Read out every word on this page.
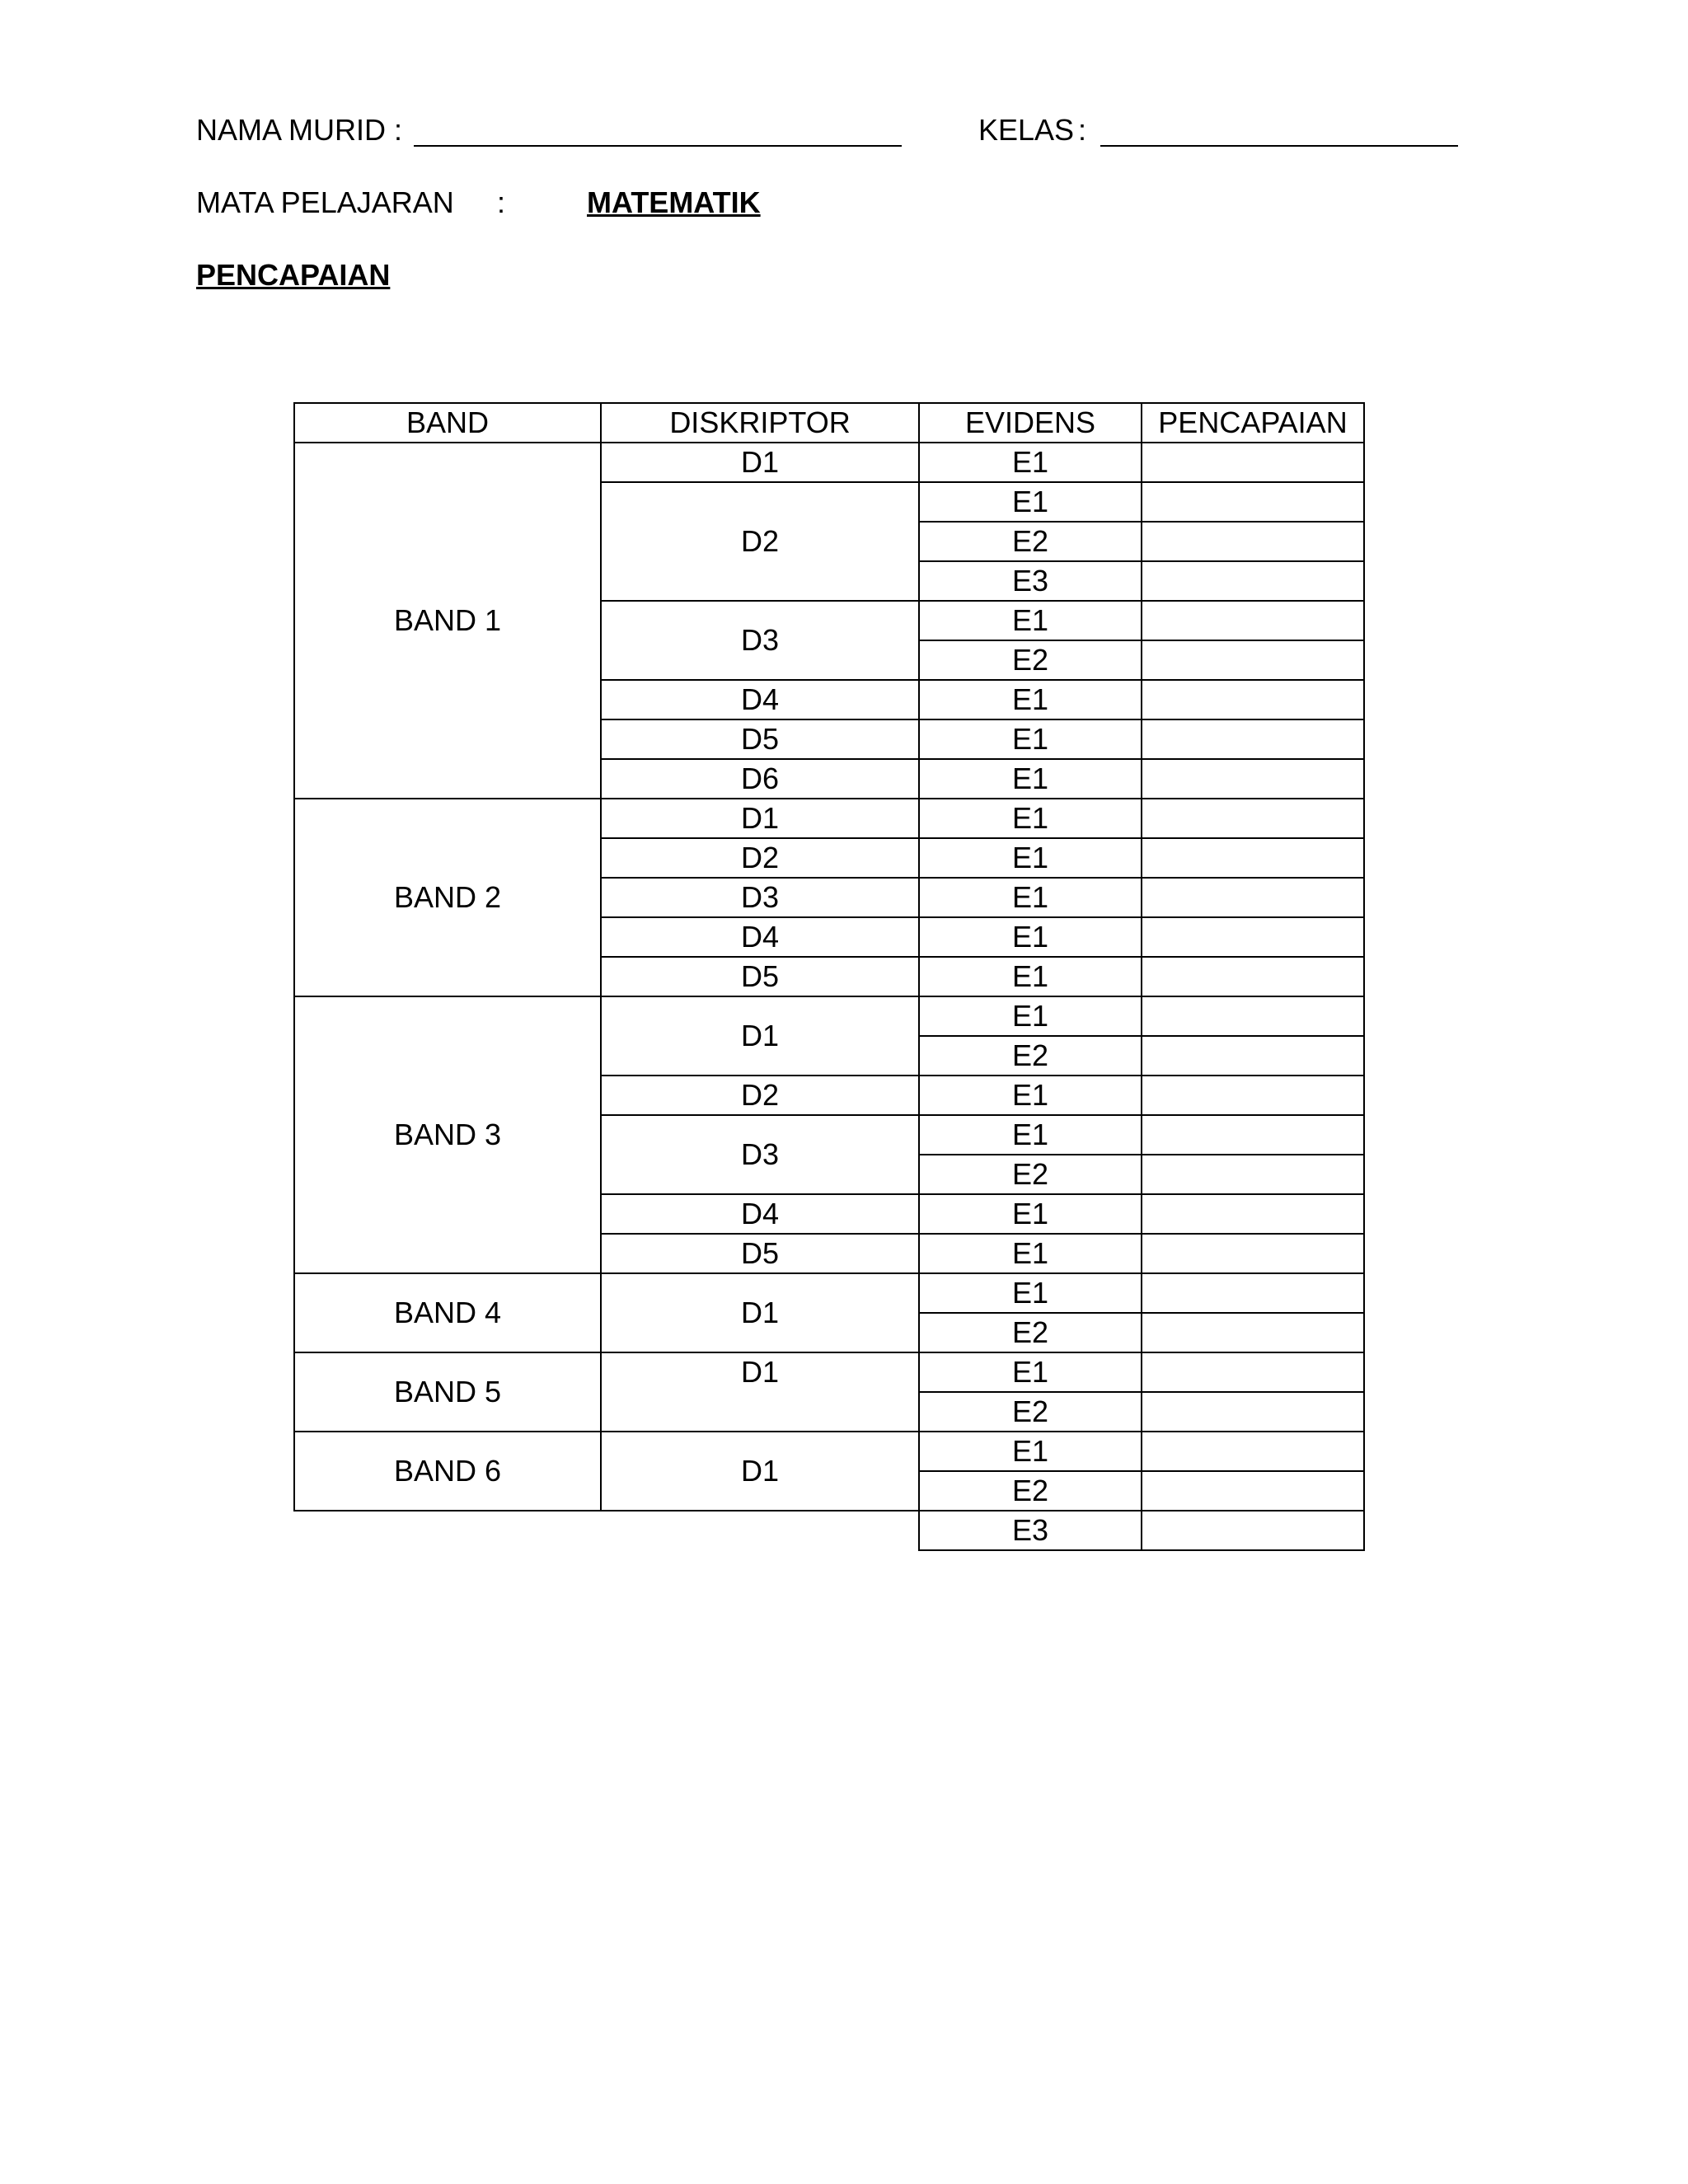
NAMA MURID :	KELAS :
MATA PELAJARAN :	MATEMATIK
PENCAPAIAN
BAND	DISKRIPTOR	EVIDENS	PENCAPAIAN
BAND 1	D1	E1	
	D2	E1	
		E2	
		E3	
	D3	E1	
		E2	
	D4	E1	
	D5	E1	
	D6	E1	
BAND 2	D1	E1	
	D2	E1	
	D3	E1	
	D4	E1	
	D5	E1	
BAND 3	D1	E1	
		E2	
	D2	E1	
	D3	E1	
		E2	
	D4	E1	
	D5	E1	
BAND 4	D1	E1	
		E2	
BAND 5	D1	E1	
		E2	
BAND 6	D1	E1	
		E2	
		E3	
